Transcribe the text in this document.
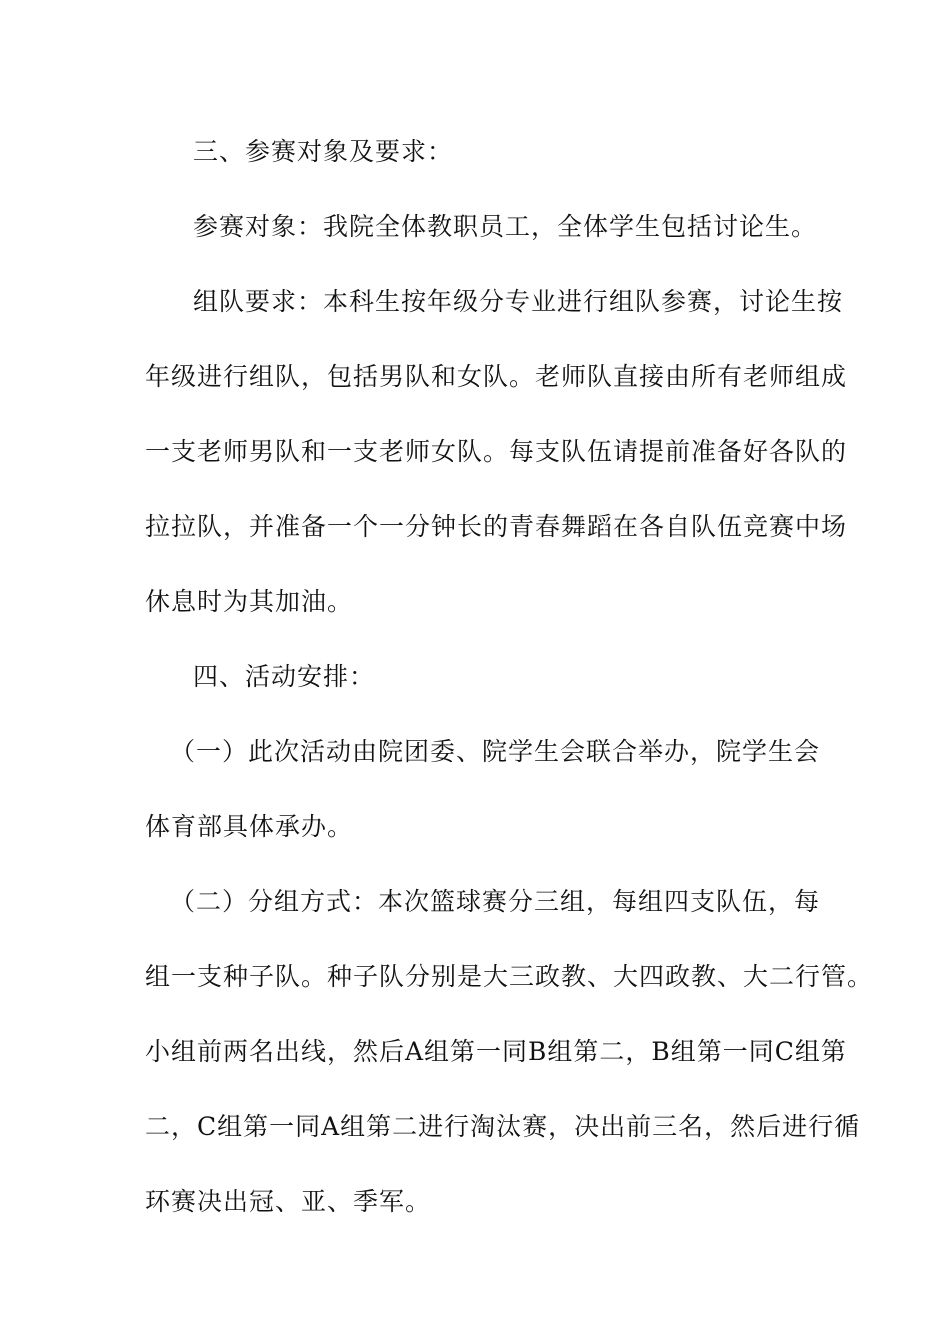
三、参赛对象及要求：
参赛对象：我院全体教职员工，全体学生包括讨论生。
组队要求：本科生按年级分专业进行组队参赛，讨论生按
年级进行组队，包括男队和女队。老师队直接由所有老师组成
一支老师男队和一支老师女队。每支队伍请提前准备好各队的
拉拉队，并准备一个一分钟长的青春舞蹈在各自队伍竞赛中场
休息时为其加油。
四、活动安排：
（一）此次活动由院团委、院学生会联合举办，院学生会
体育部具体承办。
（二）分组方式：本次篮球赛分三组，每组四支队伍，每
组一支种子队。种子队分别是大三政教、大四政教、大二行管。
小组前两名出线，然后A组第一同B组第二，B组第一同C组第
二，C组第一同A组第二进行淘汰赛，决出前三名，然后进行循
环赛决出冠、亚、季军。
